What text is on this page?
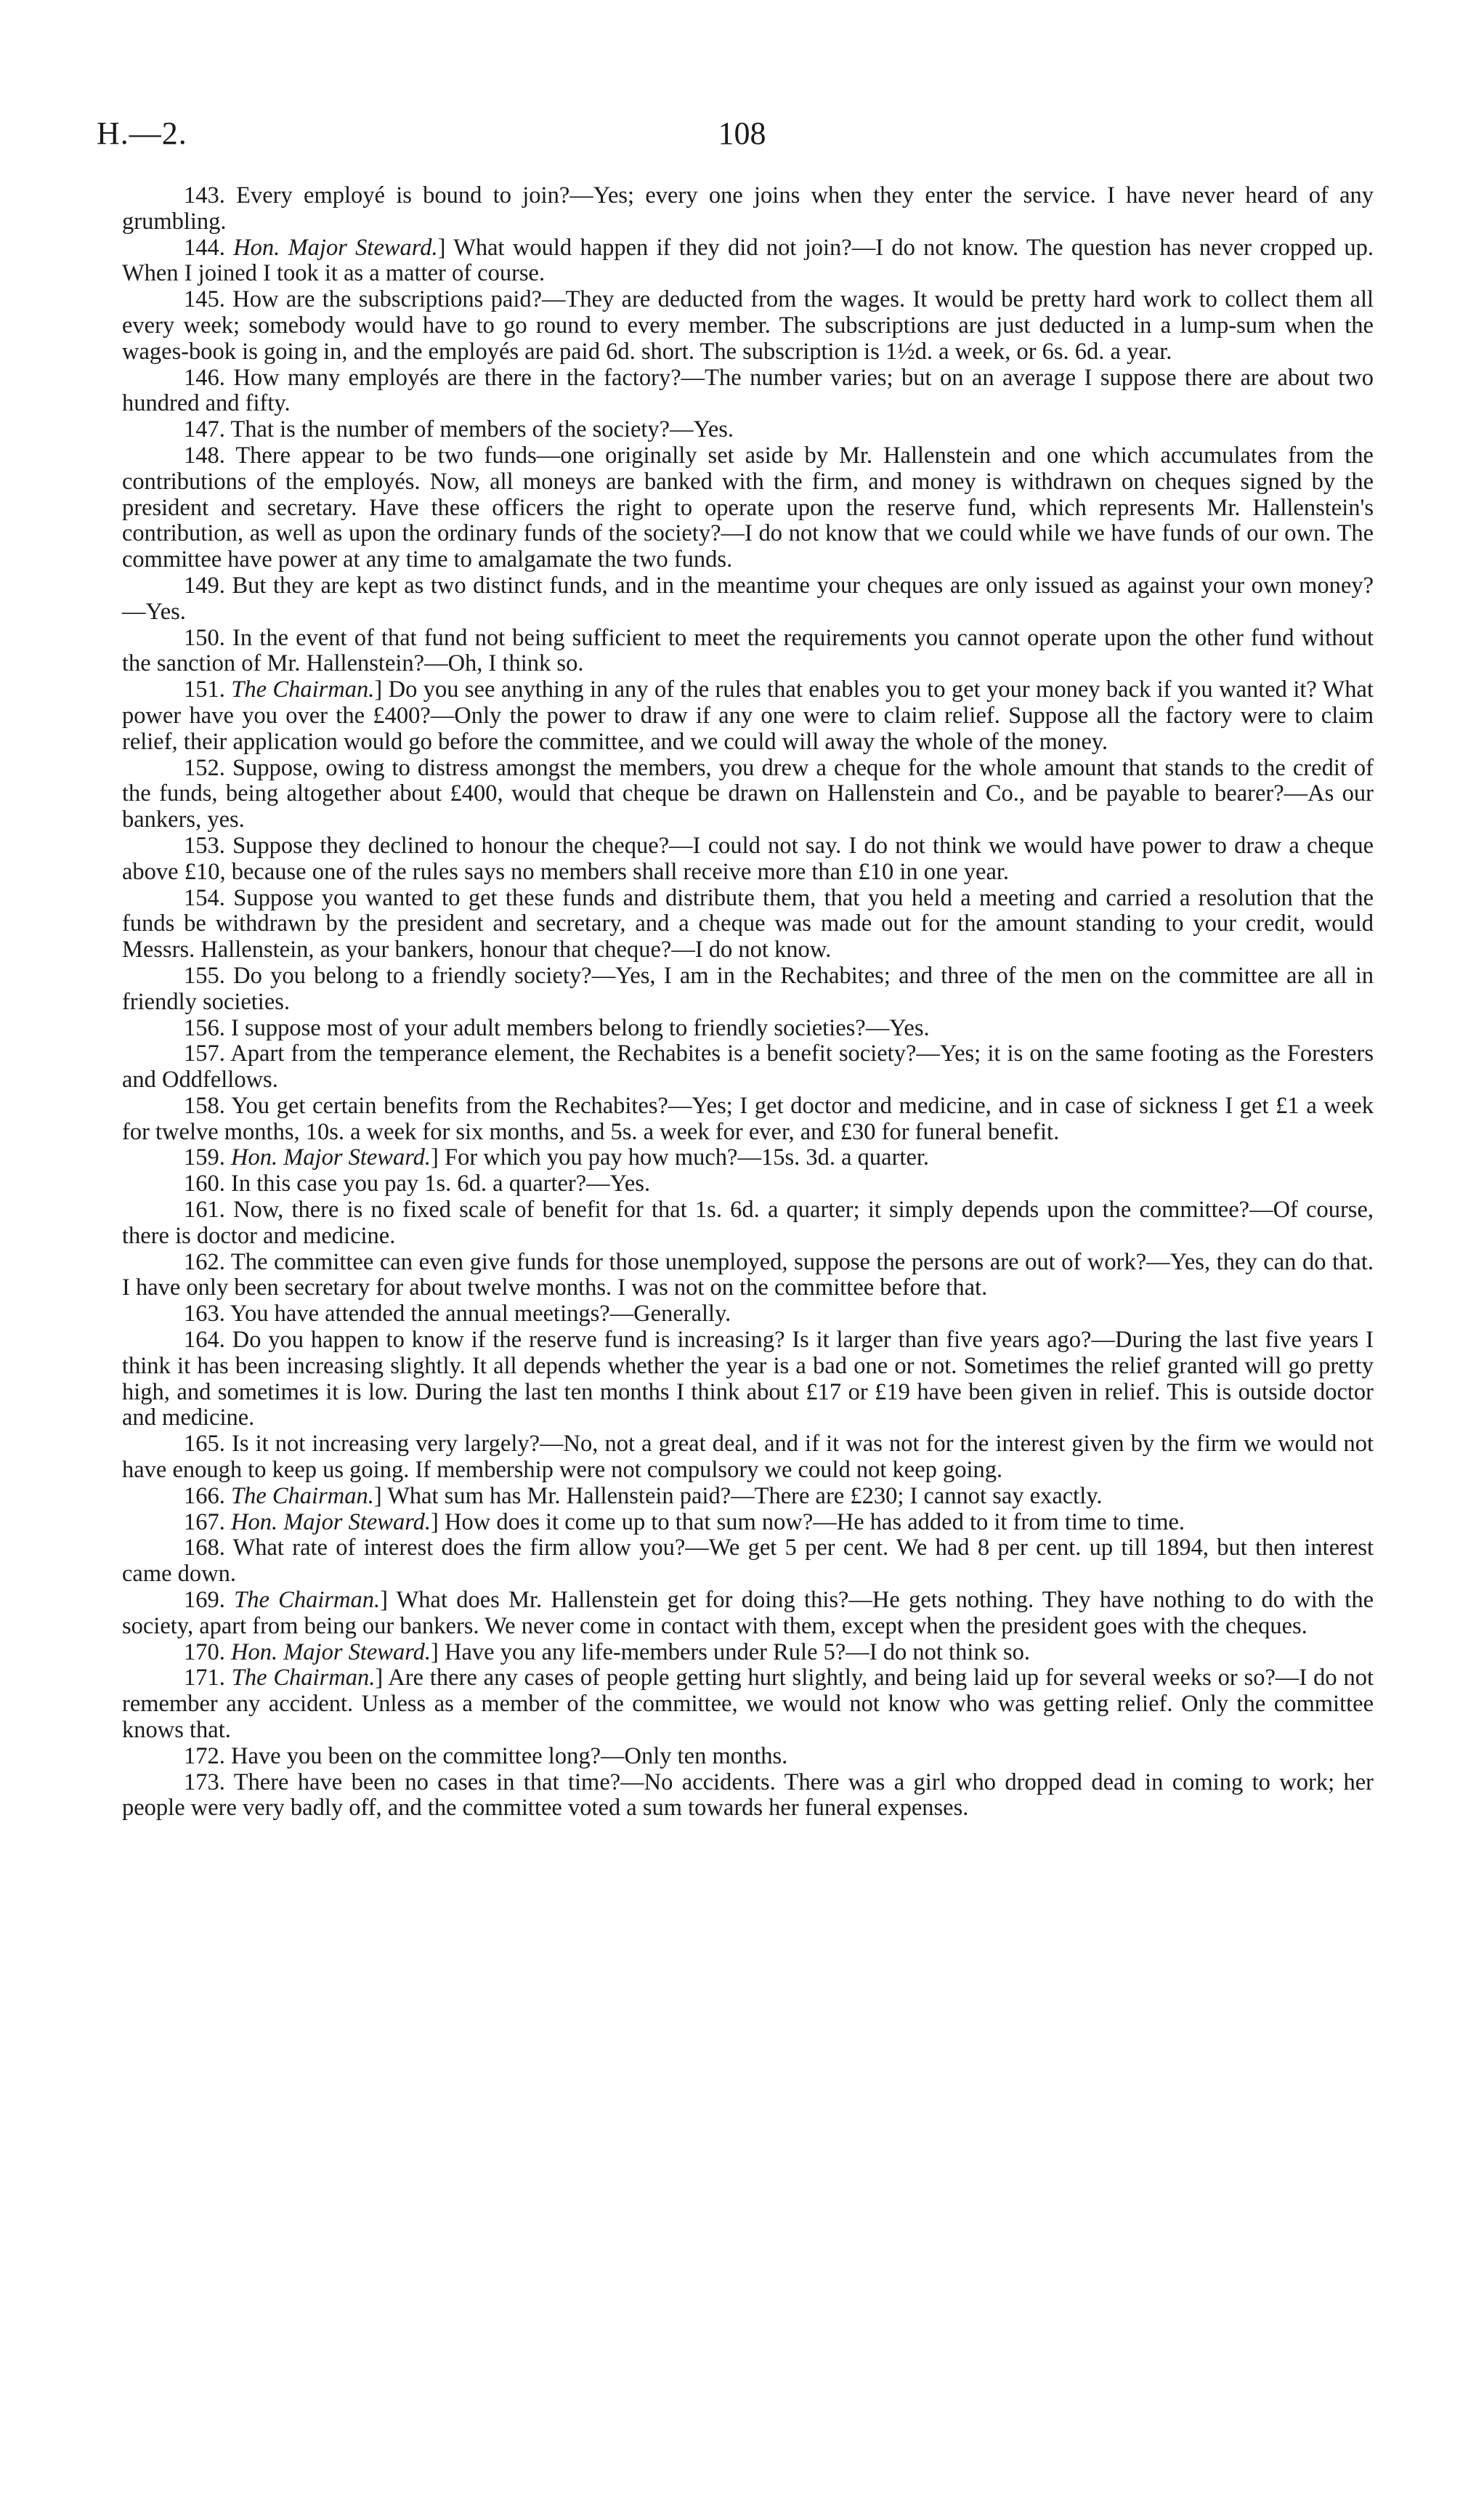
H.—2.	108

143. Every employé is bound to join?—Yes; every one joins when they enter the service. I have never heard of any grumbling.

144. Hon. Major Steward.] What would happen if they did not join?—I do not know. The question has never cropped up. When I joined I took it as a matter of course.

145. How are the subscriptions paid?—They are deducted from the wages. It would be pretty hard work to collect them all every week; somebody would have to go round to every member. The subscriptions are just deducted in a lump-sum when the wages-book is going in, and the employés are paid 6d. short. The subscription is 1½d. a week, or 6s. 6d. a year.

146. How many employés are there in the factory?—The number varies; but on an average I suppose there are about two hundred and fifty.

147. That is the number of members of the society?—Yes.

148. There appear to be two funds—one originally set aside by Mr. Hallenstein and one which accumulates from the contributions of the employés. Now, all moneys are banked with the firm, and money is withdrawn on cheques signed by the president and secretary. Have these officers the right to operate upon the reserve fund, which represents Mr. Hallenstein's contribution, as well as upon the ordinary funds of the society?—I do not know that we could while we have funds of our own. The committee have power at any time to amalgamate the two funds.

149. But they are kept as two distinct funds, and in the meantime your cheques are only issued as against your own money?—Yes.

150. In the event of that fund not being sufficient to meet the requirements you cannot operate upon the other fund without the sanction of Mr. Hallenstein?—Oh, I think so.

151. The Chairman.] Do you see anything in any of the rules that enables you to get your money back if you wanted it? What power have you over the £400?—Only the power to draw if any one were to claim relief. Suppose all the factory were to claim relief, their application would go before the committee, and we could will away the whole of the money.

152. Suppose, owing to distress amongst the members, you drew a cheque for the whole amount that stands to the credit of the funds, being altogether about £400, would that cheque be drawn on Hallenstein and Co., and be payable to bearer?—As our bankers, yes.

153. Suppose they declined to honour the cheque?—I could not say. I do not think we would have power to draw a cheque above £10, because one of the rules says no members shall receive more than £10 in one year.

154. Suppose you wanted to get these funds and distribute them, that you held a meeting and carried a resolution that the funds be withdrawn by the president and secretary, and a cheque was made out for the amount standing to your credit, would Messrs. Hallenstein, as your bankers, honour that cheque?—I do not know.

155. Do you belong to a friendly society?—Yes, I am in the Rechabites; and three of the men on the committee are all in friendly societies.

156. I suppose most of your adult members belong to friendly societies?—Yes.

157. Apart from the temperance element, the Rechabites is a benefit society?—Yes; it is on the same footing as the Foresters and Oddfellows.

158. You get certain benefits from the Rechabites?—Yes; I get doctor and medicine, and in case of sickness I get £1 a week for twelve months, 10s. a week for six months, and 5s. a week for ever, and £30 for funeral benefit.

159. Hon. Major Steward.] For which you pay how much?—15s. 3d. a quarter.

160. In this case you pay 1s. 6d. a quarter?—Yes.

161. Now, there is no fixed scale of benefit for that 1s. 6d. a quarter; it simply depends upon the committee?—Of course, there is doctor and medicine.

162. The committee can even give funds for those unemployed, suppose the persons are out of work?—Yes, they can do that. I have only been secretary for about twelve months. I was not on the committee before that.

163. You have attended the annual meetings?—Generally.

164. Do you happen to know if the reserve fund is increasing? Is it larger than five years ago?—During the last five years I think it has been increasing slightly. It all depends whether the year is a bad one or not. Sometimes the relief granted will go pretty high, and sometimes it is low. During the last ten months I think about £17 or £19 have been given in relief. This is outside doctor and medicine.

165. Is it not increasing very largely?—No, not a great deal, and if it was not for the interest given by the firm we would not have enough to keep us going. If membership were not compulsory we could not keep going.

166. The Chairman.] What sum has Mr. Hallenstein paid?—There are £230; I cannot say exactly.

167. Hon. Major Steward.] How does it come up to that sum now?—He has added to it from time to time.

168. What rate of interest does the firm allow you?—We get 5 per cent. We had 8 per cent. up till 1894, but then interest came down.

169. The Chairman.] What does Mr. Hallenstein get for doing this?—He gets nothing. They have nothing to do with the society, apart from being our bankers. We never come in contact with them, except when the president goes with the cheques.

170. Hon. Major Steward.] Have you any life-members under Rule 5?—I do not think so.

171. The Chairman.] Are there any cases of people getting hurt slightly, and being laid up for several weeks or so?—I do not remember any accident. Unless as a member of the committee, we would not know who was getting relief. Only the committee knows that.

172. Have you been on the committee long?—Only ten months.

173. There have been no cases in that time?—No accidents. There was a girl who dropped dead in coming to work; her people were very badly off, and the committee voted a sum towards her funeral expenses.
